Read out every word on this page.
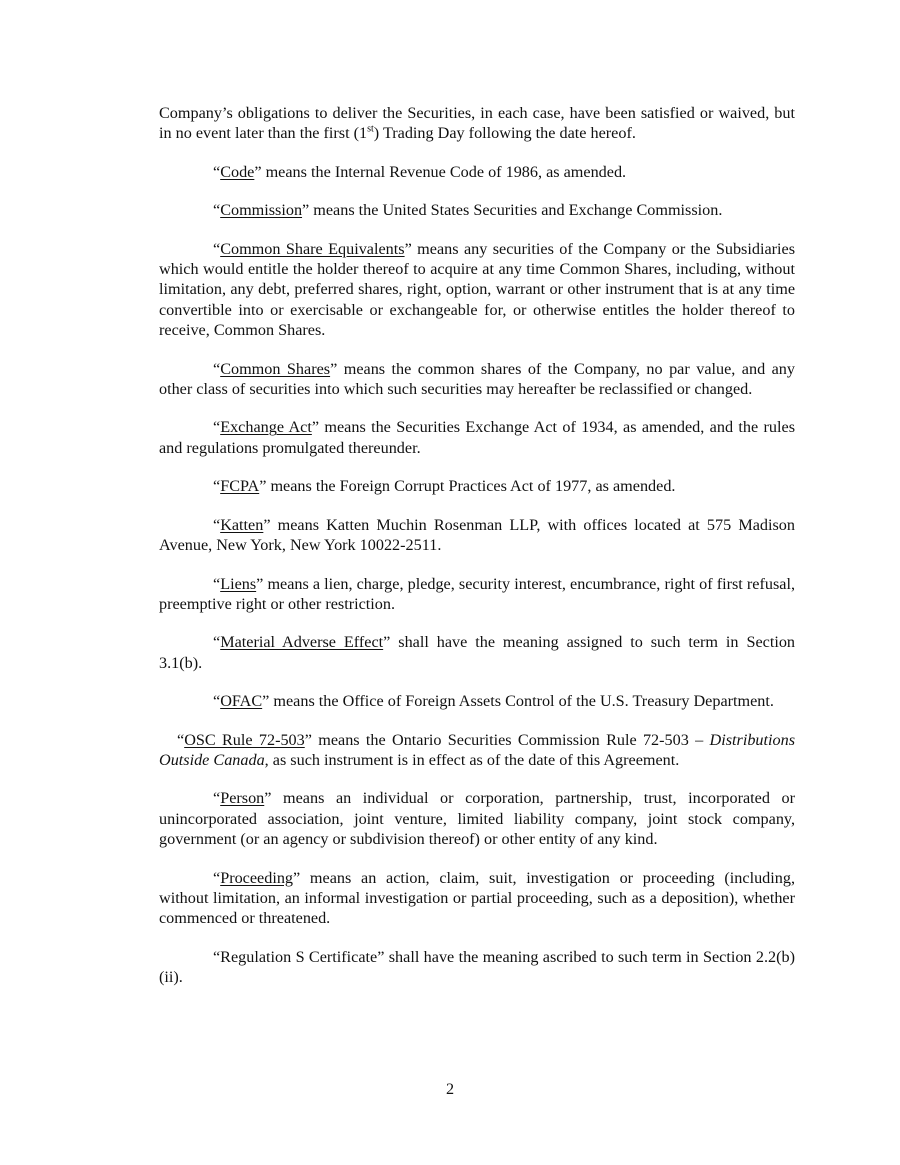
Company’s obligations to deliver the Securities, in each case, have been satisfied or waived, but in no event later than the first (1st) Trading Day following the date hereof.

“Code” means the Internal Revenue Code of 1986, as amended.

“Commission” means the United States Securities and Exchange Commission.

“Common Share Equivalents” means any securities of the Company or the Subsidiaries which would entitle the holder thereof to acquire at any time Common Shares, including, without limitation, any debt, preferred shares, right, option, warrant or other instrument that is at any time convertible into or exercisable or exchangeable for, or otherwise entitles the holder thereof to receive, Common Shares.

“Common Shares” means the common shares of the Company, no par value, and any other class of securities into which such securities may hereafter be reclassified or changed.

“Exchange Act” means the Securities Exchange Act of 1934, as amended, and the rules and regulations promulgated thereunder.

“FCPA” means the Foreign Corrupt Practices Act of 1977, as amended.

“Katten” means Katten Muchin Rosenman LLP, with offices located at 575 Madison Avenue, New York, New York 10022-2511.

“Liens” means a lien, charge, pledge, security interest, encumbrance, right of first refusal, preemptive right or other restriction.

“Material Adverse Effect” shall have the meaning assigned to such term in Section 3.1(b).

“OFAC” means the Office of Foreign Assets Control of the U.S. Treasury Department.

“OSC Rule 72-503” means the Ontario Securities Commission Rule 72-503 – Distributions Outside Canada, as such instrument is in effect as of the date of this Agreement.

“Person” means an individual or corporation, partnership, trust, incorporated or unincorporated association, joint venture, limited liability company, joint stock company, government (or an agency or subdivision thereof) or other entity of any kind.

“Proceeding” means an action, claim, suit, investigation or proceeding (including, without limitation, an informal investigation or partial proceeding, such as a deposition), whether commenced or threatened.

“Regulation S Certificate” shall have the meaning ascribed to such term in Section 2.2(b)(ii).

2
